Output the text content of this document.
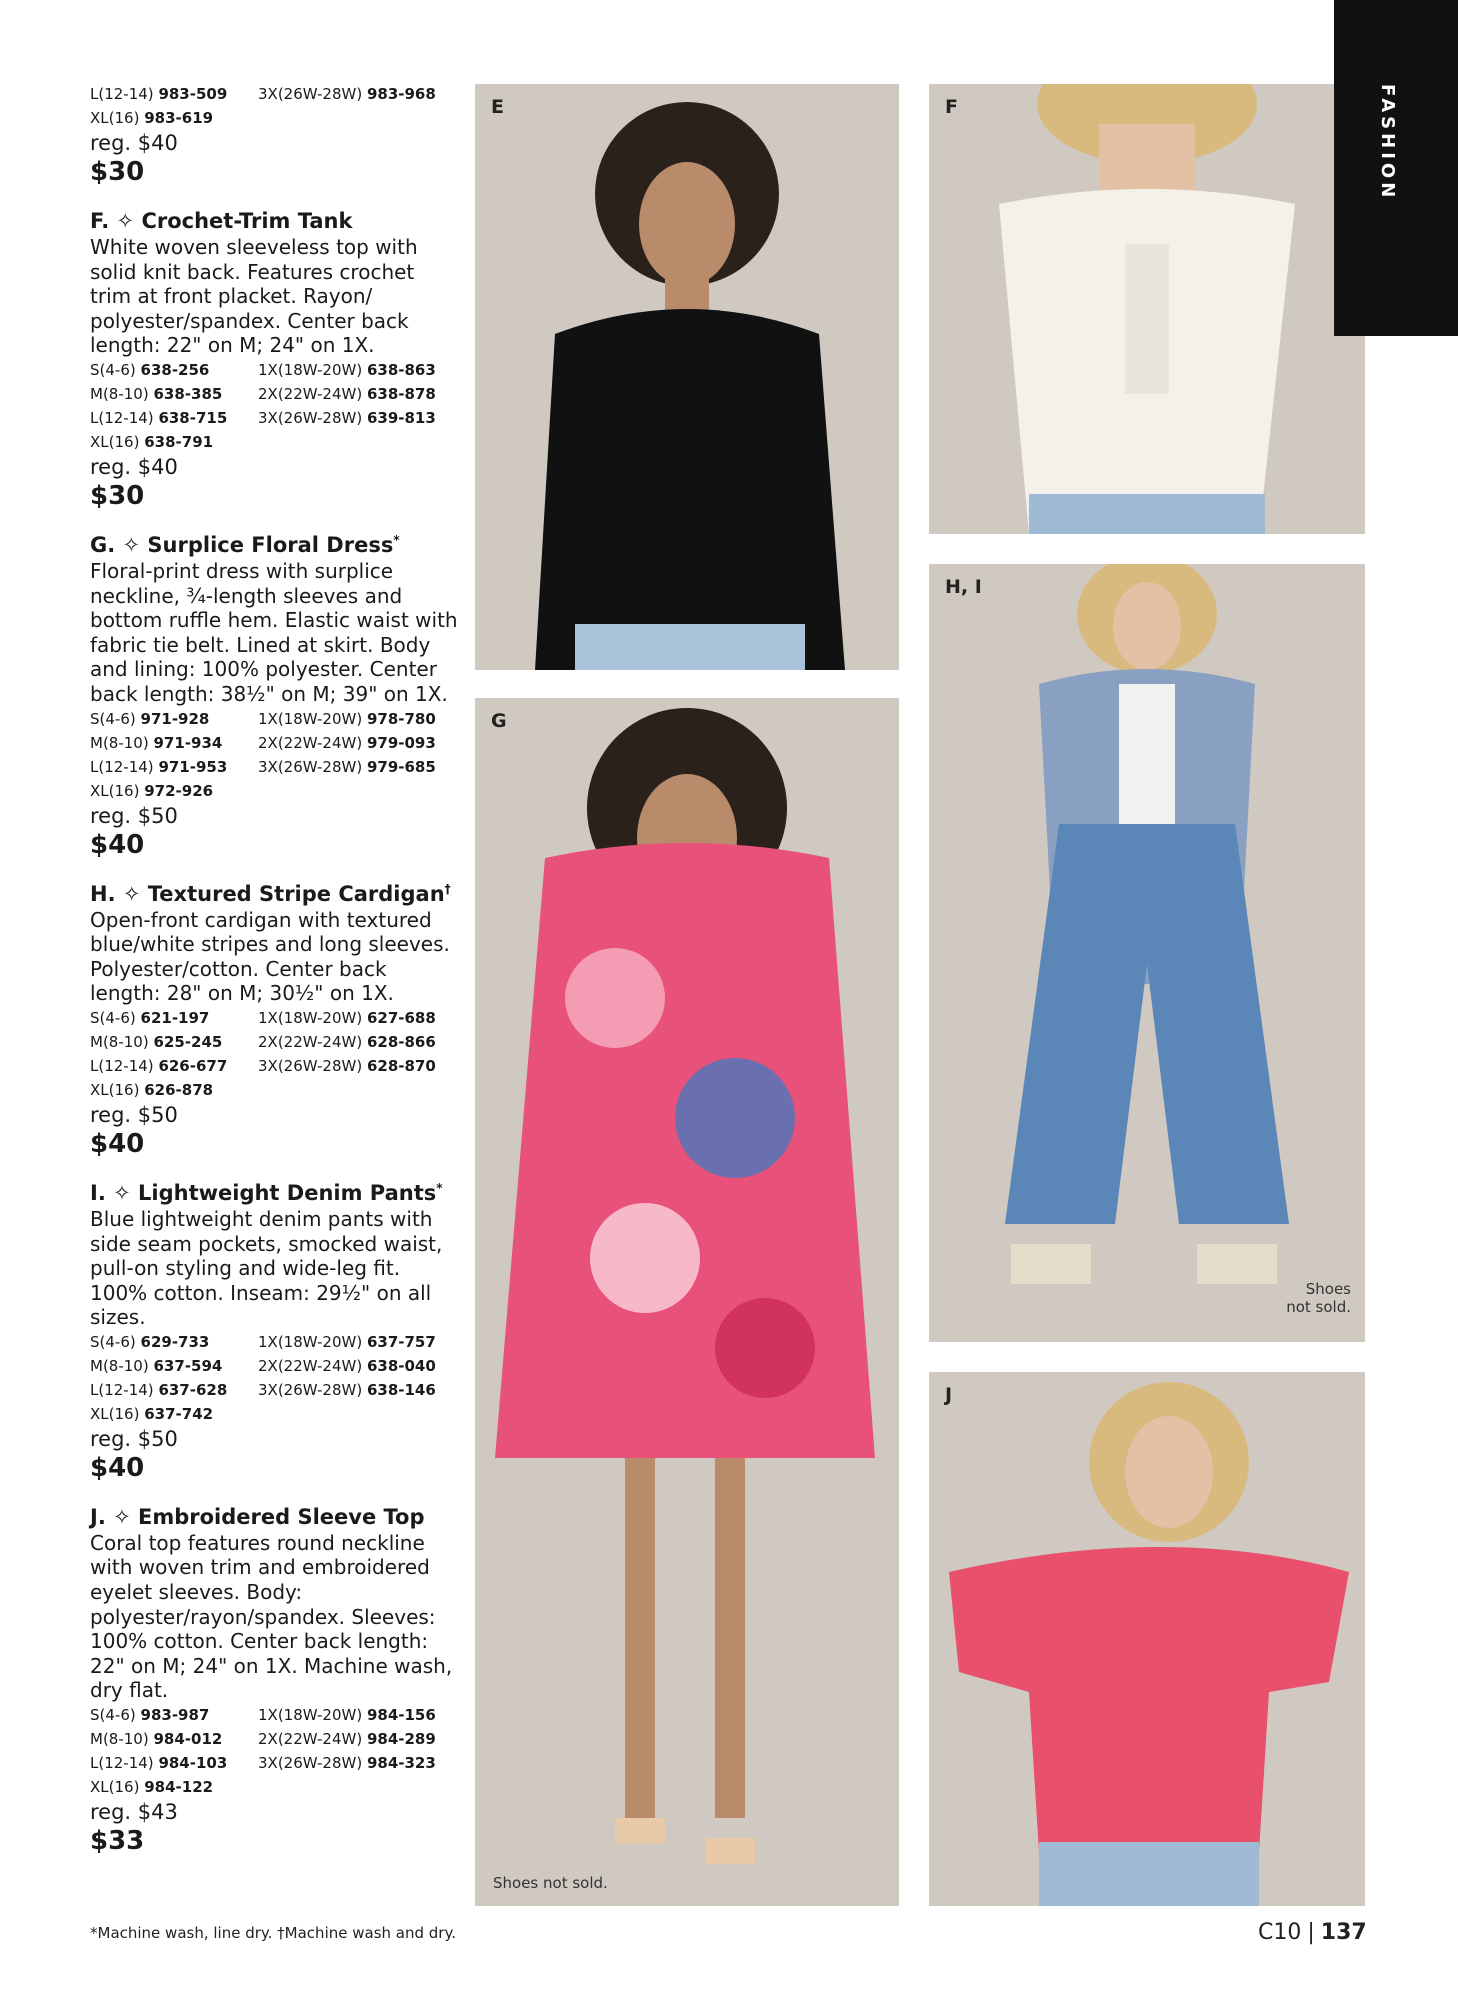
L(12-14) 983-509	3X(26W-28W) 983-968
XL(16) 983-619
reg. $40
$30
F. ✧ Crochet-Trim Tank
White woven sleeveless top with solid knit back. Features crochet trim at front placket. Rayon/ polyester/spandex. Center back length: 22" on M; 24" on 1X.
S(4-6) 638-256	1X(18W-20W) 638-863
M(8-10) 638-385	2X(22W-24W) 638-878
L(12-14) 638-715	3X(26W-28W) 639-813
XL(16) 638-791
reg. $40
$30
G. ✧ Surplice Floral Dress*
Floral-print dress with surplice neckline, ¾-length sleeves and bottom ruffle hem. Elastic waist with fabric tie belt. Lined at skirt. Body and lining: 100% polyester. Center back length: 38½" on M; 39" on 1X.
S(4-6) 971-928	1X(18W-20W) 978-780
M(8-10) 971-934	2X(22W-24W) 979-093
L(12-14) 971-953	3X(26W-28W) 979-685
XL(16) 972-926
reg. $50
$40
H. ✧ Textured Stripe Cardigan†
Open-front cardigan with textured blue/white stripes and long sleeves. Polyester/cotton. Center back length: 28" on M; 30½" on 1X.
S(4-6) 621-197	1X(18W-20W) 627-688
M(8-10) 625-245	2X(22W-24W) 628-866
L(12-14) 626-677	3X(26W-28W) 628-870
XL(16) 626-878
reg. $50
$40
I. ✧ Lightweight Denim Pants*
Blue lightweight denim pants with side seam pockets, smocked waist, pull-on styling and wide-leg fit. 100% cotton. Inseam: 29½" on all sizes.
S(4-6) 629-733	1X(18W-20W) 637-757
M(8-10) 637-594	2X(22W-24W) 638-040
L(12-14) 637-628	3X(26W-28W) 638-146
XL(16) 637-742
reg. $50
$40
J. ✧ Embroidered Sleeve Top
Coral top features round neckline with woven trim and embroidered eyelet sleeves. Body: polyester/rayon/spandex. Sleeves: 100% cotton. Center back length: 22" on M; 24" on 1X. Machine wash, dry flat.
S(4-6) 983-987	1X(18W-20W) 984-156
M(8-10) 984-012	2X(22W-24W) 984-289
L(12-14) 984-103	3X(26W-28W) 984-323
XL(16) 984-122
reg. $43
$33
E	F
G
Shoes not sold.
H, I
Shoes
not sold.
J
FASHION
*Machine wash, line dry. †Machine wash and dry.	C10 | 137
